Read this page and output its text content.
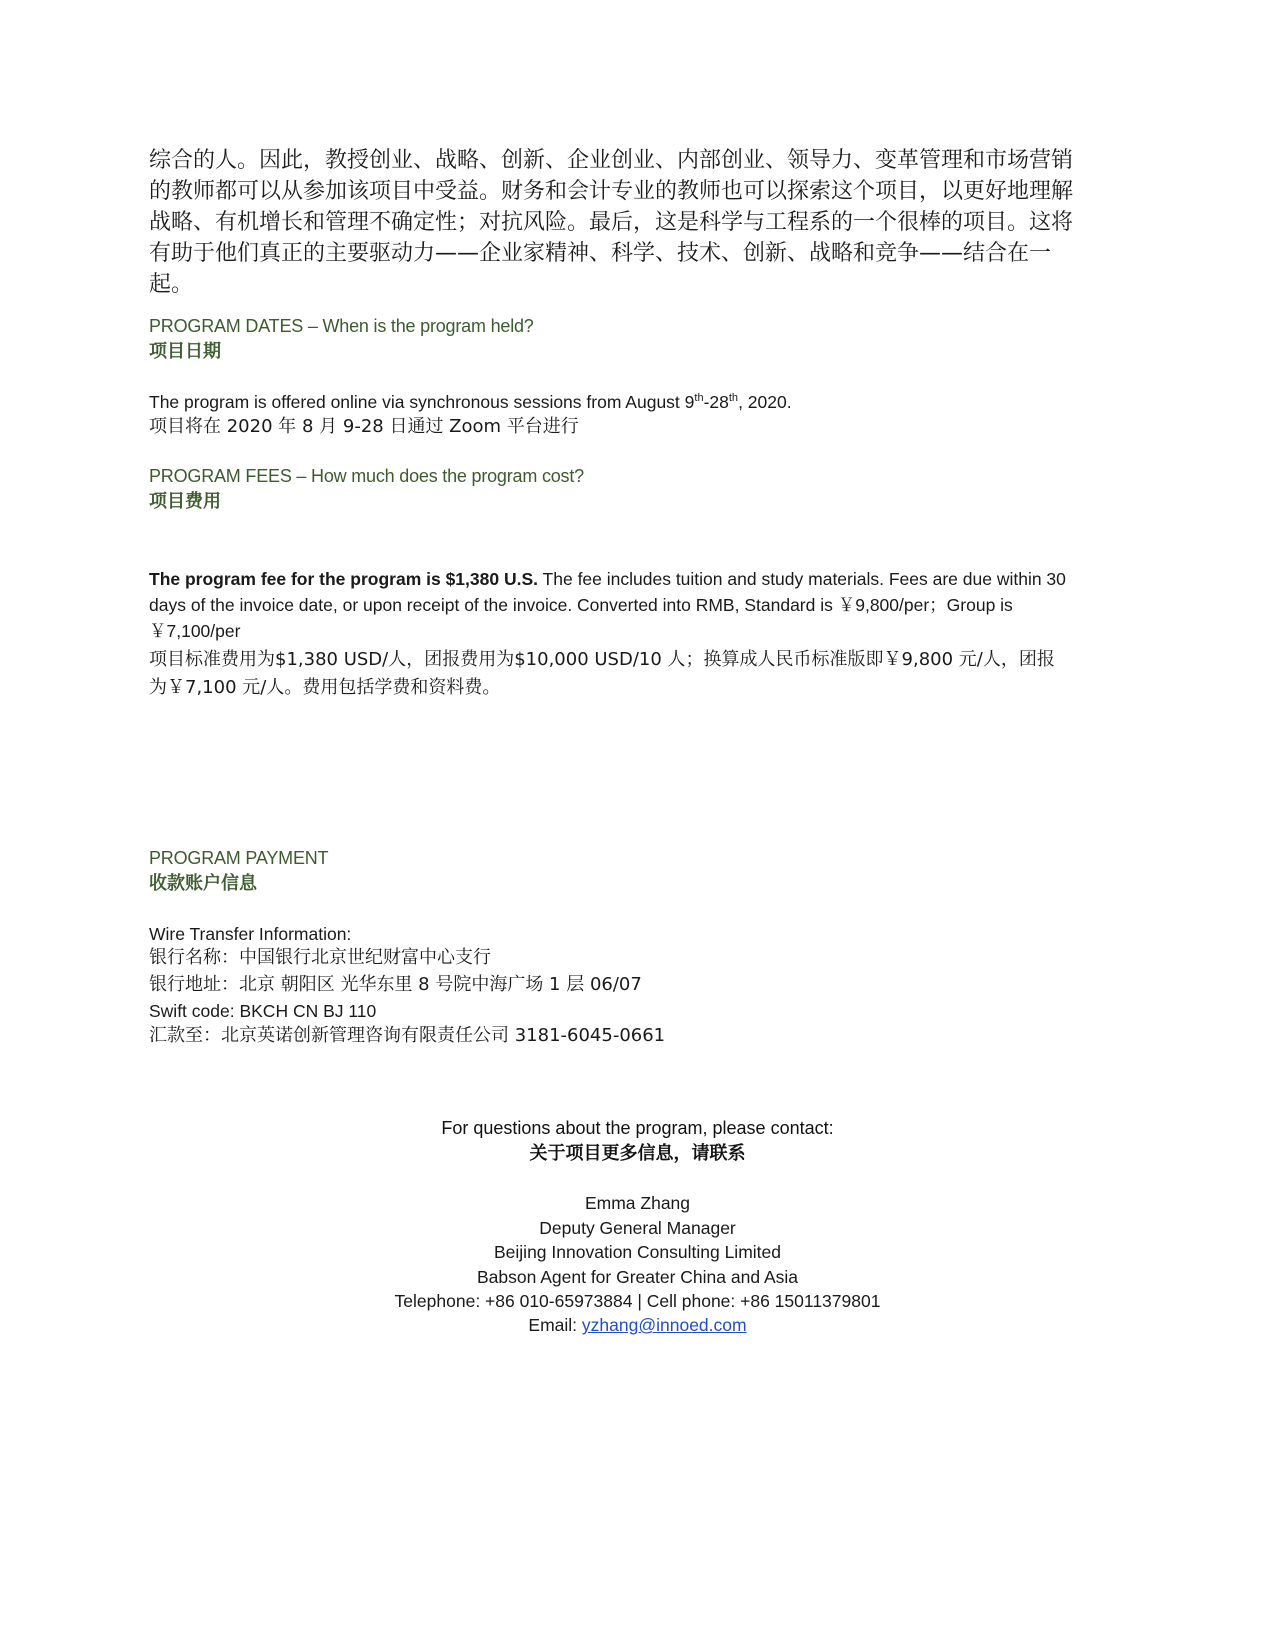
综合的人。因此，教授创业、战略、创新、企业创业、内部创业、领导力、变革管理和市场营销
的教师都可以从参加该项目中受益。财务和会计专业的教师也可以探索这个项目，以更好地理解
战略、有机增长和管理不确定性；对抗风险。最后，这是科学与工程系的一个很棒的项目。这将
有助于他们真正的主要驱动力——企业家精神、科学、技术、创新、战略和竞争——结合在一
起。
PROGRAM DATES – When is the program held?
项目日期
The program is offered online via synchronous sessions from August 9th-28th, 2020.
项目将在 2020 年 8 月 9-28 日通过 Zoom 平台进行
PROGRAM FEES – How much does the program cost?
项目费用
The program fee for the program is $1,380 U.S. The fee includes tuition and study materials. Fees are due within 30
days of the invoice date, or upon receipt of the invoice. Converted into RMB, Standard is ￥9,800/per；Group is
￥7,100/per
项目标准费用为$1,380 USD/人，团报费用为$10,000 USD/10 人；换算成人民币标准版即￥9,800 元/人，团报
为￥7,100 元/人。费用包括学费和资料费。
PROGRAM PAYMENT
收款账户信息
Wire Transfer Information:
银行名称：中国银行北京世纪财富中心支行
银行地址：北京 朝阳区 光华东里 8 号院中海广场 1 层 06/07
Swift code: BKCH CN BJ 110
汇款至：北京英诺创新管理咨询有限责任公司 3181-6045-0661
For questions about the program, please contact:
关于项目更多信息，请联系
Emma Zhang
Deputy General Manager
Beijing Innovation Consulting Limited
Babson Agent for Greater China and Asia
Telephone: +86 010-65973884 | Cell phone: +86 15011379801
Email: yzhang@innoed.com
